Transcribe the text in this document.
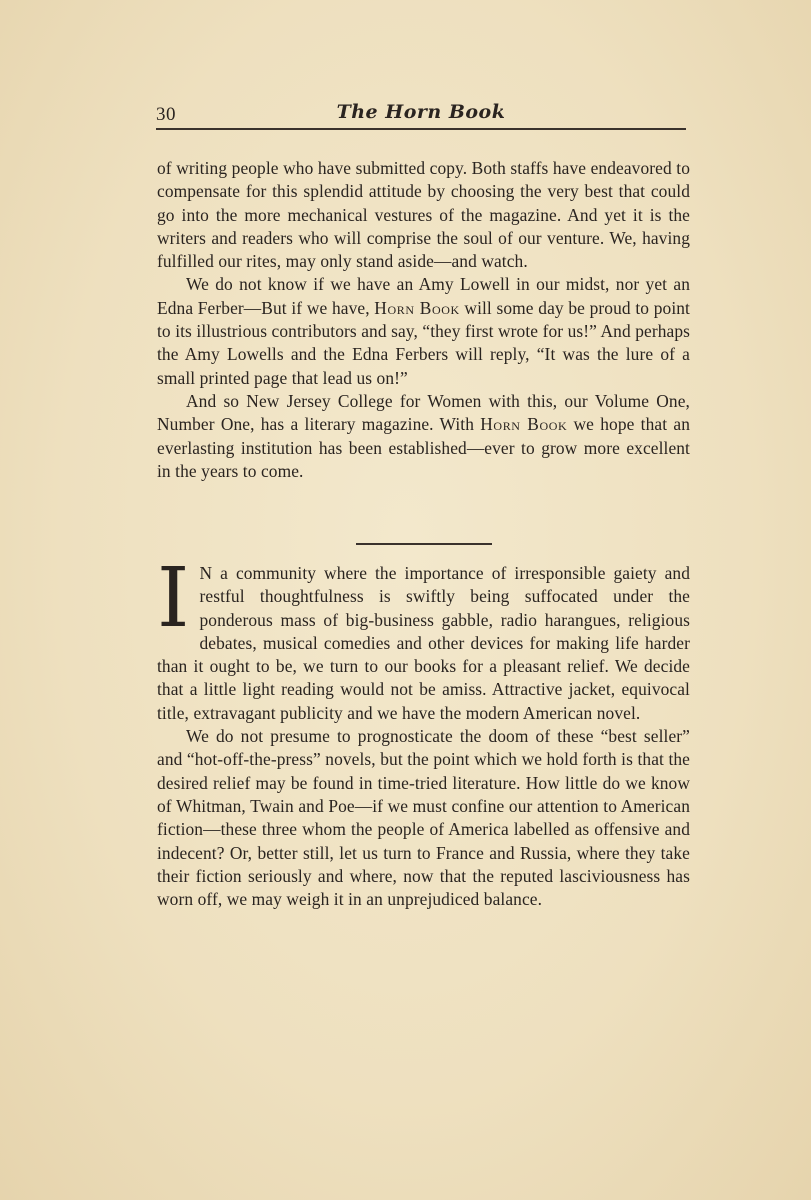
30	The Horn Book

of writing people who have submitted copy. Both staffs have endeavored to compensate for this splendid attitude by choosing the very best that could go into the more mechanical vestures of the magazine. And yet it is the writers and readers who will comprise the soul of our venture. We, having fulfilled our rites, may only stand aside—and watch.

We do not know if we have an Amy Lowell in our midst, nor yet an Edna Ferber—But if we have, Horn Book will some day be proud to point to its illustrious contributors and say, “they first wrote for us!” And perhaps the Amy Lowells and the Edna Ferbers will reply, “It was the lure of a small printed page that lead us on!”

And so New Jersey College for Women with this, our Volume One, Number One, has a literary magazine. With Horn Book we hope that an everlasting institution has been established—ever to grow more excellent in the years to come.

I N a community where the importance of irresponsible gaiety and restful thoughtfulness is swiftly being suffocated under the ponderous mass of big-business gabble, radio harangues, religious debates, musical comedies and other devices for making life harder than it ought to be, we turn to our books for a pleasant relief. We decide that a little light reading would not be amiss. Attractive jacket, equivocal title, extravagant publicity and we have the modern American novel.

We do not presume to prognosticate the doom of these “best seller” and “hot-off-the-press” novels, but the point which we hold forth is that the desired relief may be found in time-tried literature. How little do we know of Whitman, Twain and Poe—if we must confine our attention to American fiction—these three whom the people of America labelled as offensive and indecent? Or, better still, let us turn to France and Russia, where they take their fiction seriously and where, now that the reputed lasciviousness has worn off, we may weigh it in an unprejudiced balance.
